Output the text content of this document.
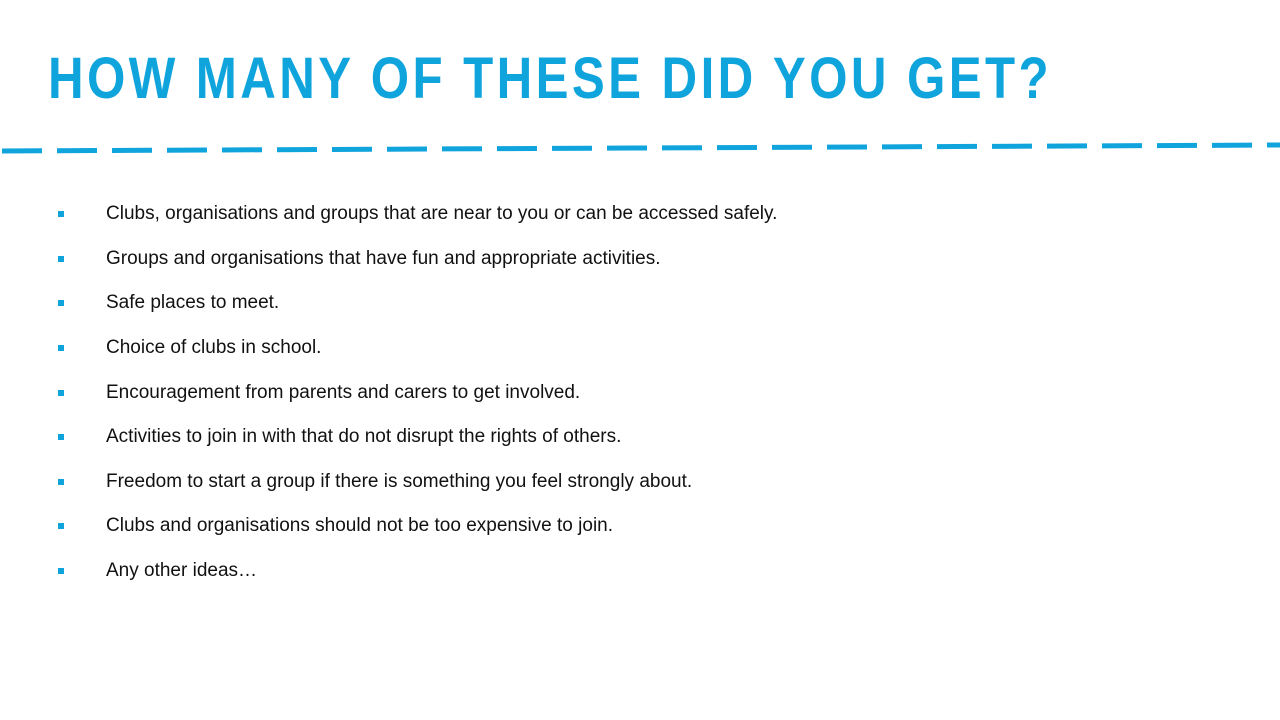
HOW MANY OF THESE DID YOU GET?
Clubs, organisations and groups that are near to you or can be accessed safely.
Groups and organisations that have fun and appropriate activities.
Safe places to meet.
Choice of clubs in school.
Encouragement from parents and carers to get involved.
Activities to join in with that do not disrupt the rights of others.
Freedom to start a group if there is something you feel strongly about.
Clubs and organisations should not be too expensive to join.
Any other ideas…
